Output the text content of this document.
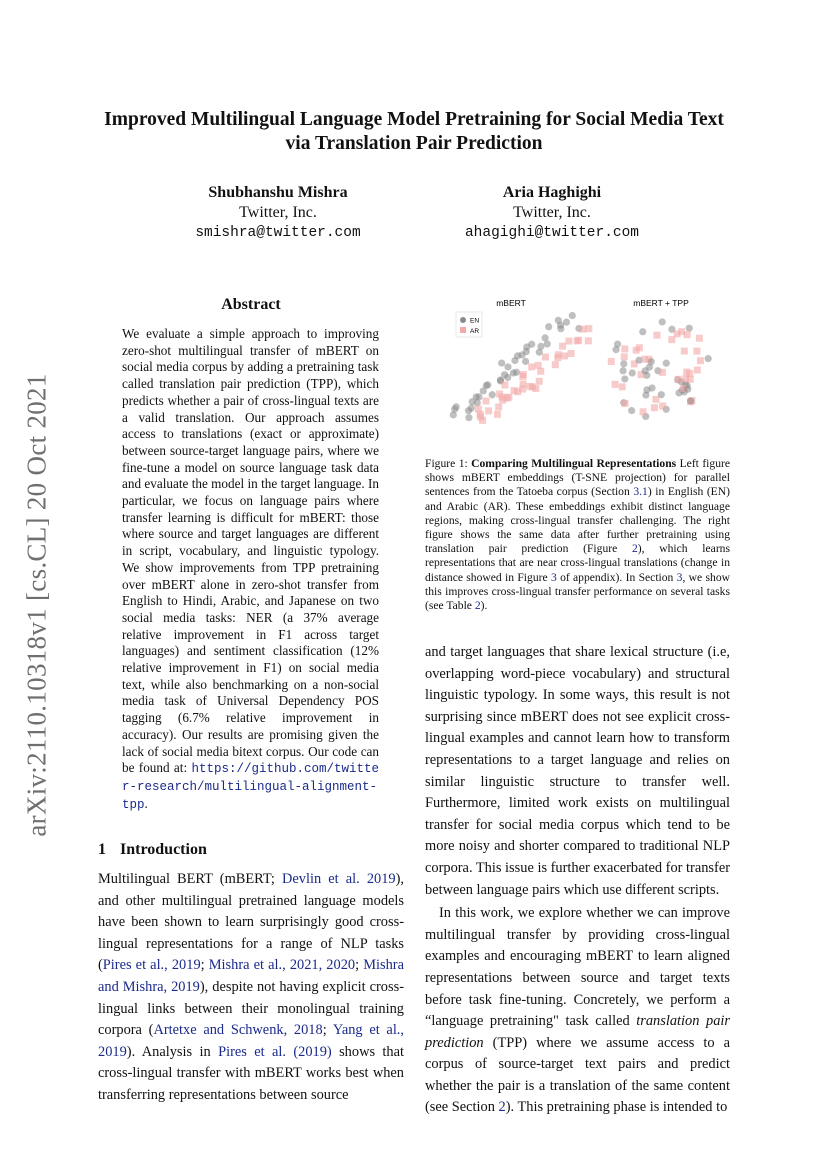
arXiv:2110.10318v1 [cs.CL] 20 Oct 2021
Improved Multilingual Language Model Pretraining for Social Media Text via Translation Pair Prediction
Shubhanshu Mishra
Twitter, Inc.
smishra@twitter.com
Aria Haghighi
Twitter, Inc.
ahagighi@twitter.com
Abstract
We evaluate a simple approach to improving zero-shot multilingual transfer of mBERT on social media corpus by adding a pretraining task called translation pair prediction (TPP), which predicts whether a pair of cross-lingual texts are a valid translation. Our approach assumes access to translations (exact or approximate) between source-target language pairs, where we fine-tune a model on source language task data and evaluate the model in the target language. In particular, we focus on language pairs where transfer learning is difficult for mBERT: those where source and target languages are different in script, vocabulary, and linguistic typology. We show improvements from TPP pretraining over mBERT alone in zero-shot transfer from English to Hindi, Arabic, and Japanese on two social media tasks: NER (a 37% average relative improvement in F1 across target languages) and sentiment classification (12% relative improvement in F1) on social media text, while also benchmarking on a non-social media task of Universal Dependency POS tagging (6.7% relative improvement in accuracy). Our results are promising given the lack of social media bitext corpus. Our code can be found at: https://github.com/twitter-research/multilingual-alignment-tpp.
mBERT	mBERT + TPP
EN
AR
Figure 1: Comparing Multilingual Representations Left figure shows mBERT embeddings (T-SNE projection) for parallel sentences from the Tatoeba corpus (Section 3.1) in English (EN) and Arabic (AR). These embeddings exhibit distinct language regions, making cross-lingual transfer challenging. The right figure shows the same data after further pretraining using translation pair prediction (Figure 2), which learns representations that are near cross-lingual translations (change in distance showed in Figure 3 of appendix). In Section 3, we show this improves cross-lingual transfer performance on several tasks (see Table 2).
1 Introduction
Multilingual BERT (mBERT; Devlin et al. 2019), and other multilingual pretrained language models have been shown to learn surprisingly good cross-lingual representations for a range of NLP tasks (Pires et al., 2019; Mishra et al., 2021, 2020; Mishra and Mishra, 2019), despite not having explicit cross-lingual links between their monolingual training corpora (Artetxe and Schwenk, 2018; Yang et al., 2019). Analysis in Pires et al. (2019) shows that cross-lingual transfer with mBERT works best when transferring representations between source

and target languages that share lexical structure (i.e, overlapping word-piece vocabulary) and structural linguistic typology. In some ways, this result is not surprising since mBERT does not see explicit cross-lingual examples and cannot learn how to transform representations to a target language and relies on similar linguistic structure to transfer well. Furthermore, limited work exists on multilingual transfer for social media corpus which tend to be more noisy and shorter compared to traditional NLP corpora. This issue is further exacerbated for transfer between language pairs which use different scripts.

In this work, we explore whether we can improve multilingual transfer by providing cross-lingual examples and encouraging mBERT to learn aligned representations between source and target texts before task fine-tuning. Concretely, we perform a “language pretraining" task called translation pair prediction (TPP) where we assume access to a corpus of source-target text pairs and predict whether the pair is a translation of the same content (see Section 2). This pretraining phase is intended to
